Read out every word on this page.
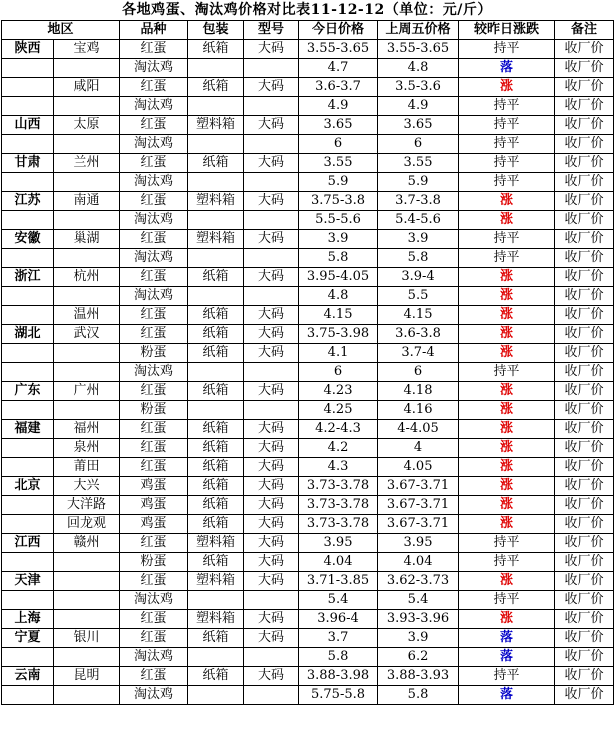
各地鸡蛋、淘汰鸡价格对比表11-12-12（单位：元/斤）
地区		品种	包装	型号	今日价格	上周五价格	较昨日涨跌	备注
陕西	宝鸡	红蛋	纸箱	大码	3.55-3.65	3.55-3.65	持平	收厂价
		淘汰鸡			4.7	4.8	落	收厂价
	咸阳	红蛋	纸箱	大码	3.6-3.7	3.5-3.6	涨	收厂价
		淘汰鸡			4.9	4.9	持平	收厂价
山西	太原	红蛋	塑料箱	大码	3.65	3.65	持平	收厂价
		淘汰鸡			6	6	持平	收厂价
甘肃	兰州	红蛋	纸箱	大码	3.55	3.55	持平	收厂价
		淘汰鸡			5.9	5.9	持平	收厂价
江苏	南通	红蛋	塑料箱	大码	3.75-3.8	3.7-3.8	涨	收厂价
		淘汰鸡			5.5-5.6	5.4-5.6	涨	收厂价
安徽	巢湖	红蛋	塑料箱	大码	3.9	3.9	持平	收厂价
		淘汰鸡			5.8	5.8	持平	收厂价
浙江	杭州	红蛋	纸箱	大码	3.95-4.05	3.9-4	涨	收厂价
		淘汰鸡			4.8	5.5	涨	收厂价
	温州	红蛋	纸箱	大码	4.15	4.15	涨	收厂价
湖北	武汉	红蛋	纸箱	大码	3.75-3.98	3.6-3.8	涨	收厂价
		粉蛋	纸箱	大码	4.1	3.7-4	涨	收厂价
		淘汰鸡			6	6	持平	收厂价
广东	广州	红蛋	纸箱	大码	4.23	4.18	涨	收厂价
		粉蛋			4.25	4.16	涨	收厂价
福建	福州	红蛋	纸箱	大码	4.2-4.3	4-4.05	涨	收厂价
	泉州	红蛋	纸箱	大码	4.2	4	涨	收厂价
	莆田	红蛋	纸箱	大码	4.3	4.05	涨	收厂价
北京	大兴	鸡蛋	纸箱	大码	3.73-3.78	3.67-3.71	涨	收厂价
	大洋路	鸡蛋	纸箱	大码	3.73-3.78	3.67-3.71	涨	收厂价
	回龙观	鸡蛋	纸箱	大码	3.73-3.78	3.67-3.71	涨	收厂价
江西	赣州	红蛋	塑料箱	大码	3.95	3.95	持平	收厂价
		粉蛋	纸箱	大码	4.04	4.04	持平	收厂价
天津		红蛋	塑料箱	大码	3.71-3.85	3.62-3.73	涨	收厂价
		淘汰鸡			5.4	5.4	持平	收厂价
上海		红蛋	塑料箱	大码	3.96-4	3.93-3.96	涨	收厂价
宁夏	银川	红蛋	纸箱	大码	3.7	3.9	落	收厂价
		淘汰鸡			5.8	6.2	落	收厂价
云南	昆明	红蛋	纸箱	大码	3.88-3.98	3.88-3.93	持平	收厂价
		淘汰鸡			5.75-5.8	5.8	落	收厂价
